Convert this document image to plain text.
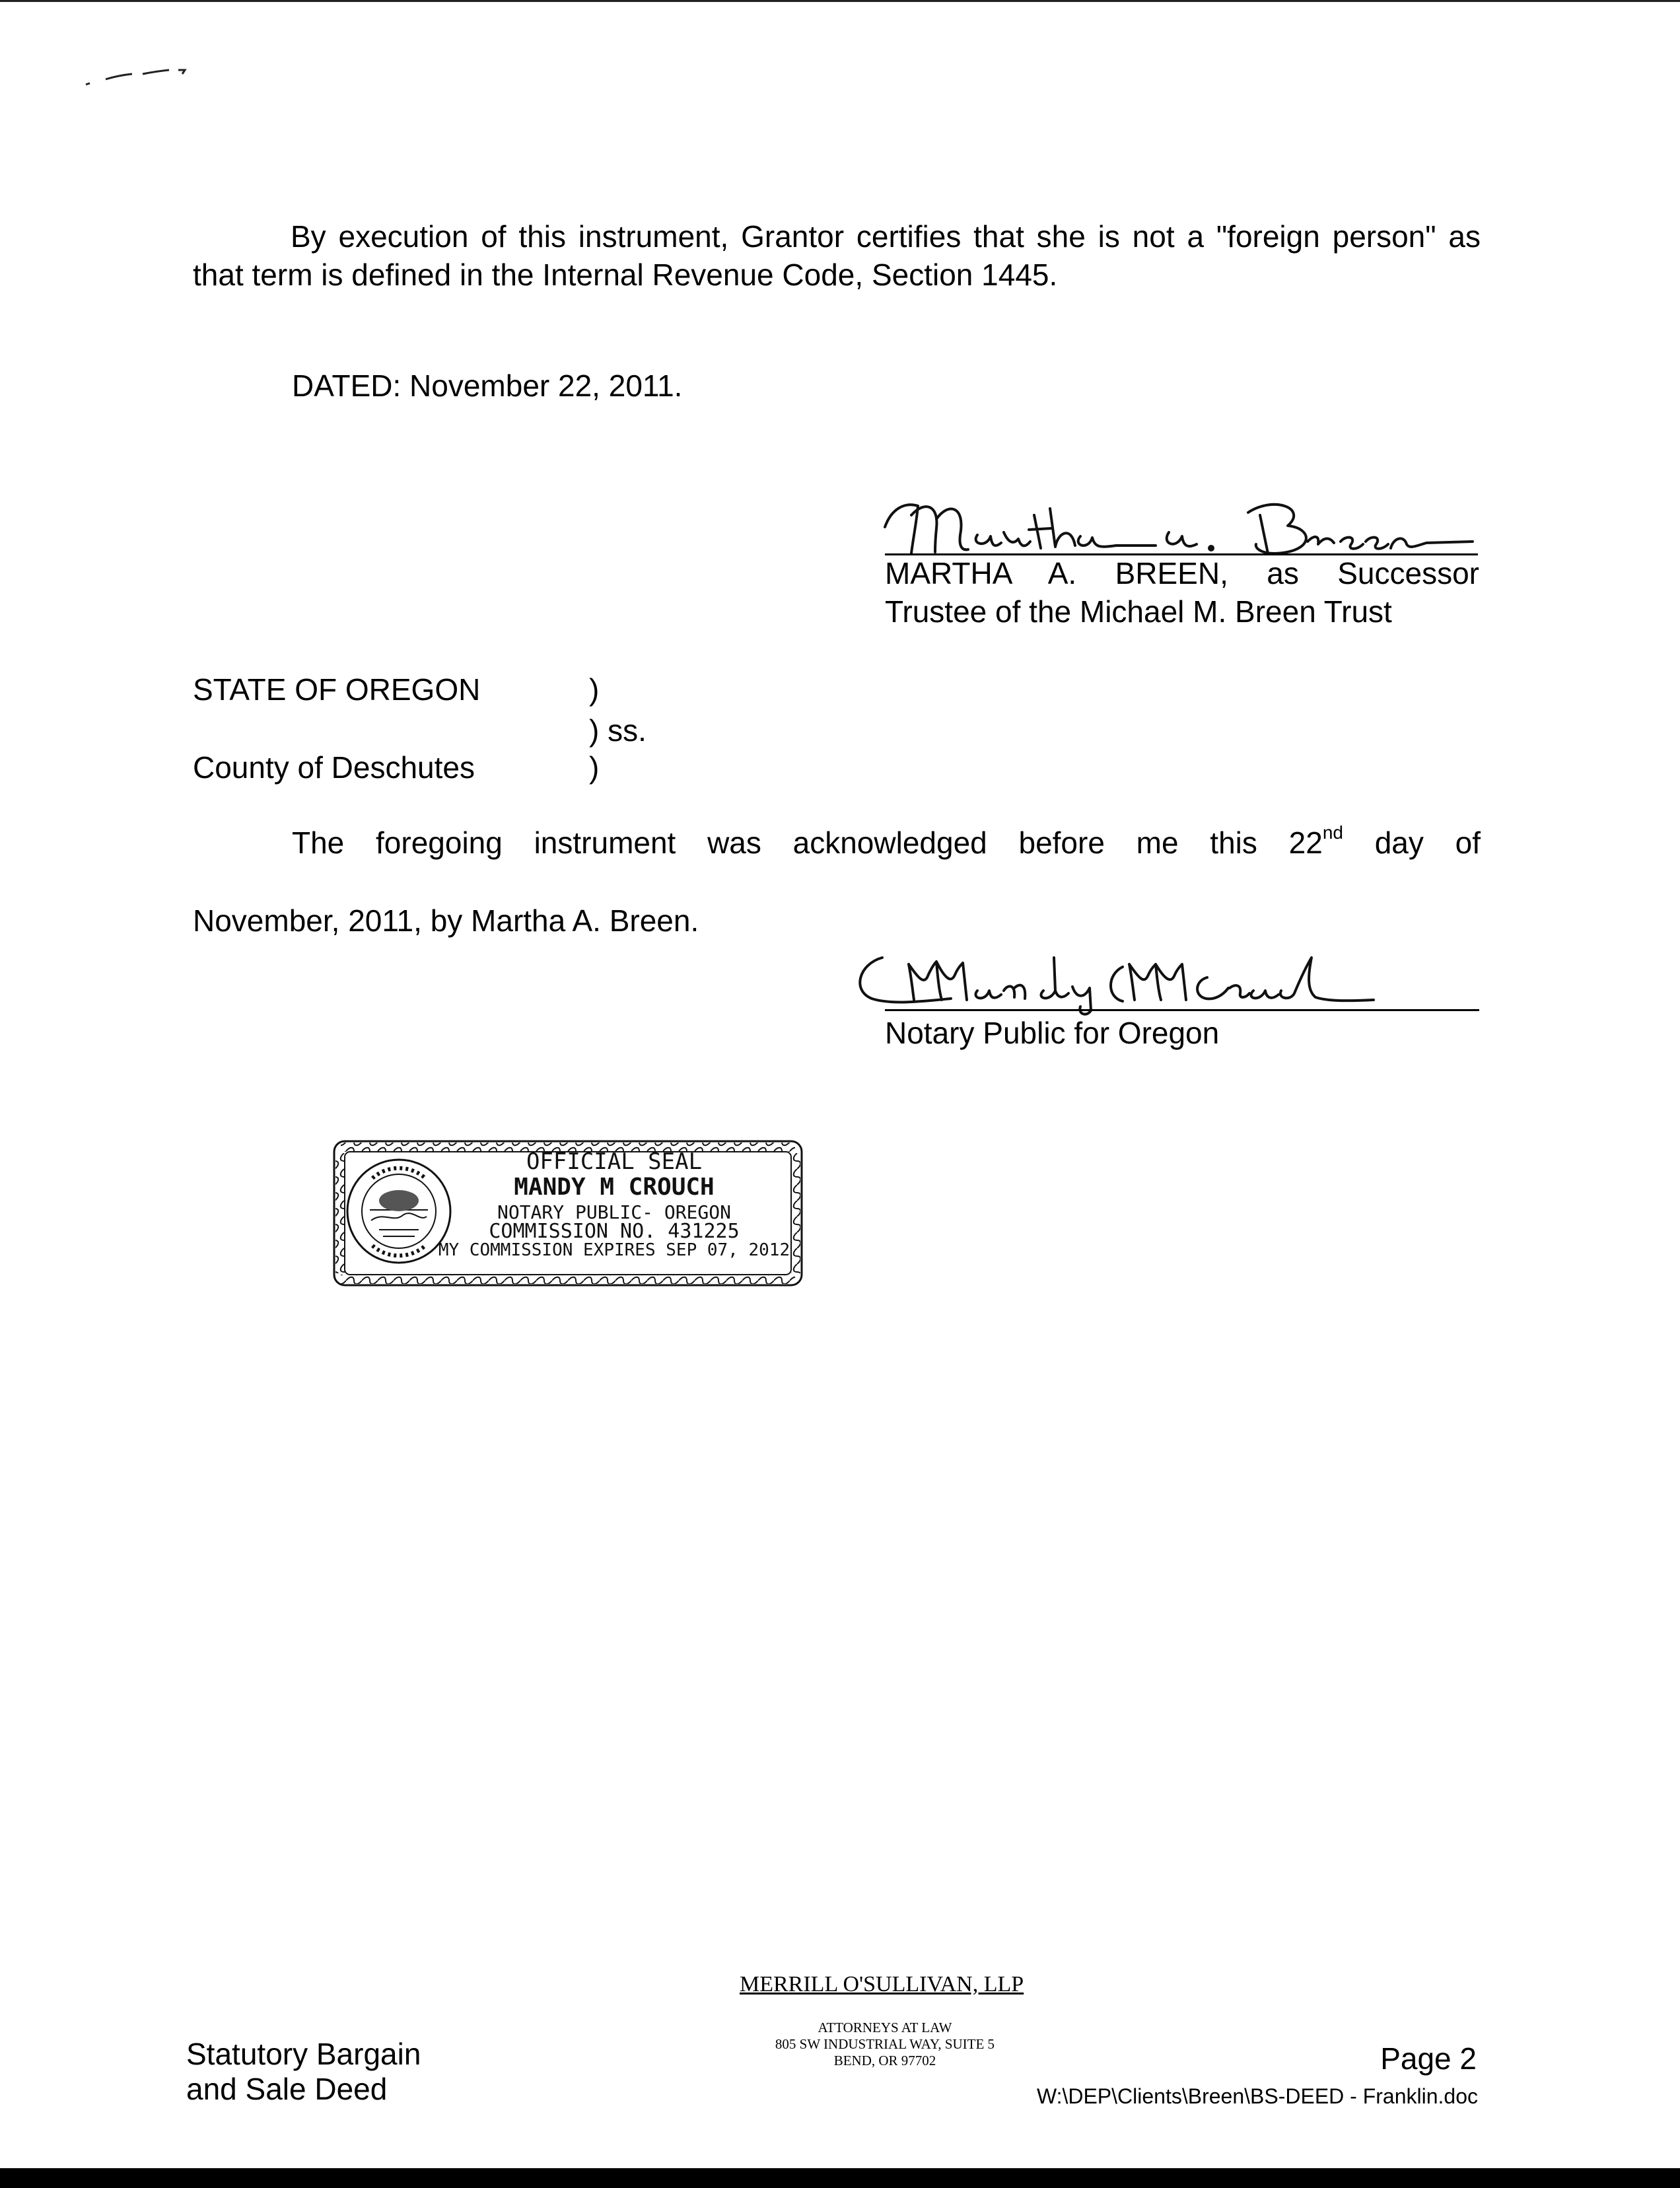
By execution of this instrument, Grantor certifies that she is not a "foreign person" as
that term is defined in the Internal Revenue Code, Section 1445.
DATED: November 22, 2011.
MARTHA A. BREEN, as Successor
Trustee of the Michael M. Breen Trust
STATE OF OREGON	)
) ss.
County of Deschutes	)
The foregoing instrument was acknowledged before me this 22nd day of
November, 2011, by Martha A. Breen.
Notary Public for Oregon
OFFICIAL SEAL
MANDY M CROUCH
NOTARY PUBLIC- OREGON
COMMISSION NO. 431225
MY COMMISSION EXPIRES SEP 07, 2012
MERRILL O'SULLIVAN, LLP
ATTORNEYS AT LAW
805 SW INDUSTRIAL WAY, SUITE 5
BEND, OR 97702
Statutory Bargain
and Sale Deed
Page 2
W:\DEP\Clients\Breen\BS-DEED - Franklin.doc
